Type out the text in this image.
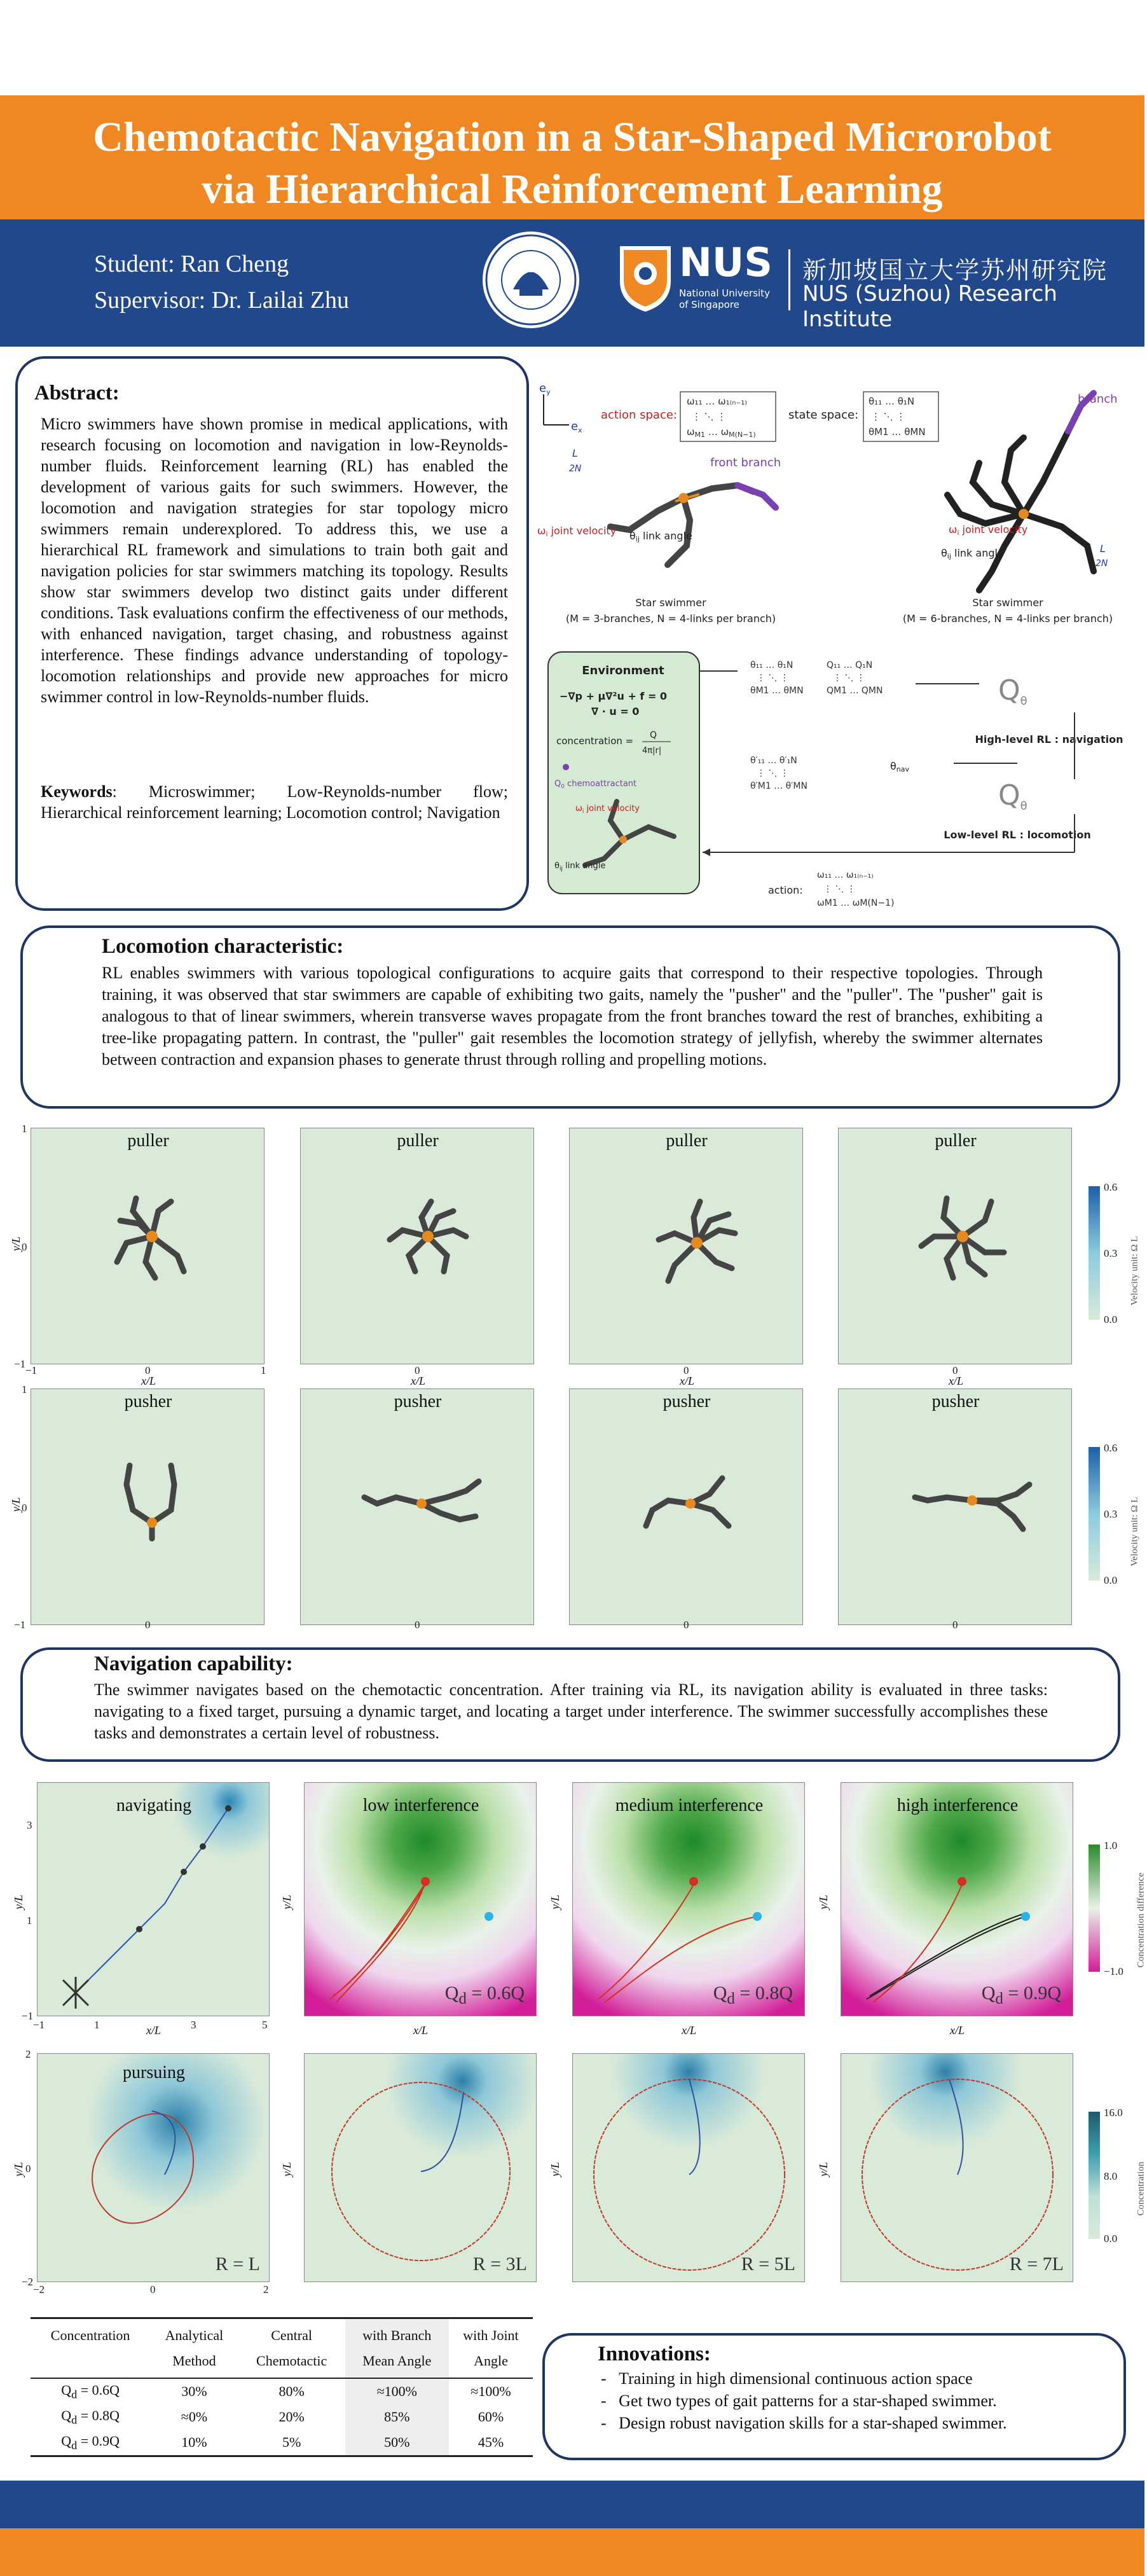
Chemotactic Navigation in a Star-Shaped Microrobot
via Hierarchical Reinforcement Learning
Student: Ran Cheng
Supervisor: Dr. Lailai Zhu
NUS
National University
of Singapore
新加坡国立大学苏州研究院
NUS (Suzhou) Research Institute
Abstract:
Micro swimmers have shown promise in medical applications, with research focusing on locomotion and navigation in low-Reynolds-number fluids. Reinforcement learning (RL) has enabled the development of various gaits for such swimmers. However, the locomotion and navigation strategies for star topology micro swimmers remain underexplored. To address this, we use a hierarchical RL framework and simulations to train both gait and navigation policies for star swimmers matching its topology. Results show star swimmers develop two distinct gaits under different conditions. Task evaluations confirm the effectiveness of our methods, with enhanced navigation, target chasing, and robustness against interference. These findings advance understanding of topology-locomotion relationships and provide new approaches for micro swimmer control in low-Reynolds-number fluids.
Keywords: Microswimmer; Low-Reynolds-number flow; Hierarchical reinforcement learning; Locomotion control; Navigation
$e_y$
$e_x$
action space:
ω₁₁ … ω₁₍ₙ₋₁₎
⋮ ⋱ ⋮
$\omega_{M1}$ … $\omega_{M(N-1)}$
state space:
θ₁₁ … θ₁N
⋮ ⋱ ⋮
θM1 … θMN
L
2N	front branch
ωi joint velocity θij link angle
Star swimmer
(M = 3-branches, N = 4-links per branch)
branch
ωi joint velocity
θij link angle	L
2N
Star swimmer
(M = 6-branches, N = 4-links per branch)
Environment
−∇p + μ∇²u + f = 0
∇ · u = 0
concentration = Q
4π|r|
$Q_0$ chemoattractant
$\omega_i$ joint velocity
$\theta_{ij}$ link angle
θ₁₁ … θ₁N
⋮ ⋱ ⋮
θM1 … θMN
Q₁₁ … Q₁N
⋮ ⋱ ⋮
QM1 … QMN	Qθ
High-level RL : navigation
θnav
θ′₁₁ … θ′₁N
⋮ ⋱ ⋮
θ′M1 … θ′MN	Qθ
Low-level RL : locomotion
action:
ω₁₁ … ω₁₍ₙ₋₁₎
⋮ ⋱ ⋮
ωM1 … ωM(N−1)
Locomotion characteristic:
RL enables swimmers with various topological configurations to acquire gaits that correspond to their respective topologies. Through training, it was observed that star swimmers are capable of exhibiting two gaits, namely the "pusher" and the "puller". The "pusher" gait is analogous to that of linear swimmers, wherein transverse waves propagate from the front branches toward the rest of branches, exhibiting a tree-like propagating pattern. In contrast, the "puller" gait resembles the locomotion strategy of jellyfish, whereby the swimmer alternates between contraction and expansion phases to generate thrust through rolling and propelling motions.
puller	puller	puller	puller
pusher	pusher	pusher	pusher
1
0
−1
y/L
−1	0	1
x/L
0
x/L
0
x/L
0
x/L
1
0
−1
y/L
0	0	0	0
0.6
0.3
0.0
Velocity unit: Ω L
0.6
0.3
0.0
Velocity unit: Ω L
Navigation capability:
The swimmer navigates based on the chemotactic concentration. After training via RL, its navigation ability is evaluated in three tasks: navigating to a fixed target, pursuing a dynamic target, and locating a target under interference. The swimmer successfully accomplishes these tasks and demonstrates a certain level of robustness.
navigating	low interference
$Q_d = 0.6Q$
medium interference
$Q_d = 0.8Q$
high interference
$Q_d = 0.9Q$
y/L
3
1
−1
−1	1	3	5
x/L
y/L
x/L
y/L
x/L
y/L
x/L
1.0
−1.0
Concentration difference
pursuing
R = L	R = 3L	R = 5L	R = 7L
y/L	y/L	y/L	y/L
2
0
−2
−2	0	2
16.0
8.0
0.0
Concentration
Concentration	Analytical	Central	with Branch	with Joint
	Method	Chemotactic	Mean Angle	Angle
$Q_d = 0.6Q$	30%	80%	≈100%	≈100%
$Q_d = 0.8Q$	≈0%	20%	85%	60%
$Q_d = 0.9Q$	10%	5%	50%	45%
Innovations:
-   Training in high dimensional continuous action space
-   Get two types of gait patterns for a star-shaped swimmer.
-   Design robust navigation skills for a star-shaped swimmer.
